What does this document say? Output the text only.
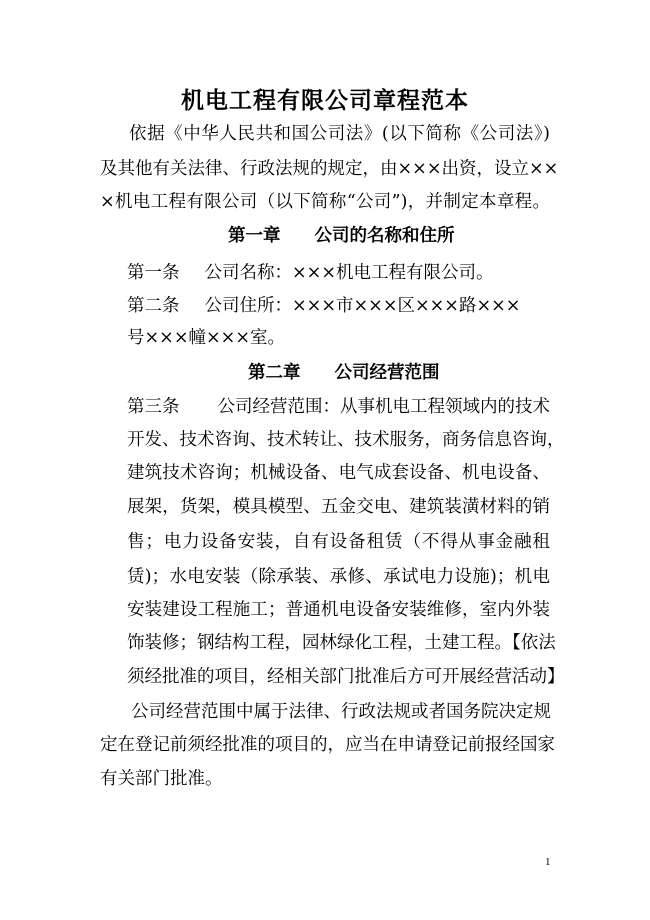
机电工程有限公司章程范本
依据《中华人民共和国公司法》(以下简称《公司法》)
及其他有关法律、行政法规的规定，由×××出资，设立××
×机电工程有限公司（以下简称“公司”)，并制定本章程。
第一章 公司的名称和住所
第一条 公司名称：×××机电工程有限公司。
第二条 公司住所：×××市×××区×××路×××
号×××幢×××室。
第二章 公司经营范围
第三条 公司经营范围：从事机电工程领域内的技术
开发、技术咨询、技术转让、技术服务，商务信息咨询，
建筑技术咨询；机械设备、电气成套设备、机电设备、
展架，货架，模具模型、五金交电、建筑装潢材料的销
售；电力设备安装，自有设备租赁（不得从事金融租
赁)；水电安装（除承装、承修、承试电力设施)；机电
安装建设工程施工；普通机电设备安装维修，室内外装
饰装修；钢结构工程，园林绿化工程，土建工程。【依法
须经批准的项目，经相关部门批准后方可开展经营活动】
公司经营范围中属于法律、行政法规或者国务院决定规
定在登记前须经批准的项目的，应当在申请登记前报经国家
有关部门批准。
1
